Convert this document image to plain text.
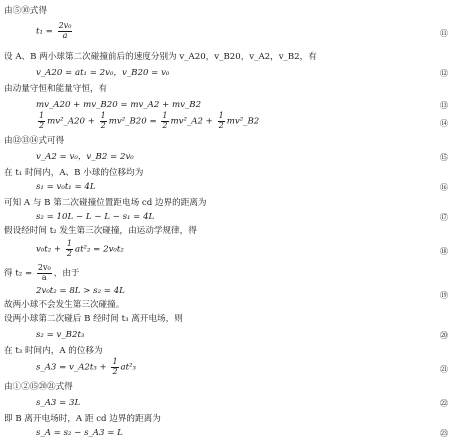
由⑤⑩式得
$t_1 = \frac{\text{2v₀}}{a}$	⑪
设 A、B 两小球第二次碰撞前后的速度分别为 v_A20，v_B20，v_A2，v_B2，有
v_A20 = at₁ = 2v₀，v_B20 = v₀	⑫
由动量守恒和能量守恒，有
mv_A20 + mv_B20 = mv_A2 + mv_B2	⑬
$\frac{1}{2}$ mv²_A20 + $\frac{1}{2}$ mv²_B20 = $\frac{1}{2}$ mv²_A2 + $\frac{1}{2}$ mv²_B2	⑭
由⑫⑬⑭式可得
v_A2 = v₀，v_B2 = 2v₀	⑮
在 t₁ 时间内，A、B 小球的位移均为
s₁ = v₀t₁ = 4L	⑯
可知 A 与 B 第二次碰撞位置距电场 cd 边界的距离为
s₂ = 10L − L − L − s₁ = 4L	⑰
假设经时间 t₂ 发生第三次碰撞，由运动学规律，得
$v_0t_2 + \frac{1}{2} at^2_2 = 2v_0t_2$	⑱
得 $t_2 = \frac{\text{2v₀}}{a}$ ，由于
2v₀t₂ = 8L > s₂ = 4L	⑲
故两小球不会发生第三次碰撞。
设两小球第二次碰后 B 经时间 t₃ 离开电场，则
s₂ = v_B2t₃	⑳
在 t₃ 时间内，A 的位移为
s_A3 = v_A2t₃ + $\frac{1}{2} at^2_3$	㉑
由①②⑮⑳㉑式得
s_A3 = 3L	㉒
即 B 离开电场时，A 距 cd 边界的距离为
s_A = s₂ − s_A3 = L	㉓
